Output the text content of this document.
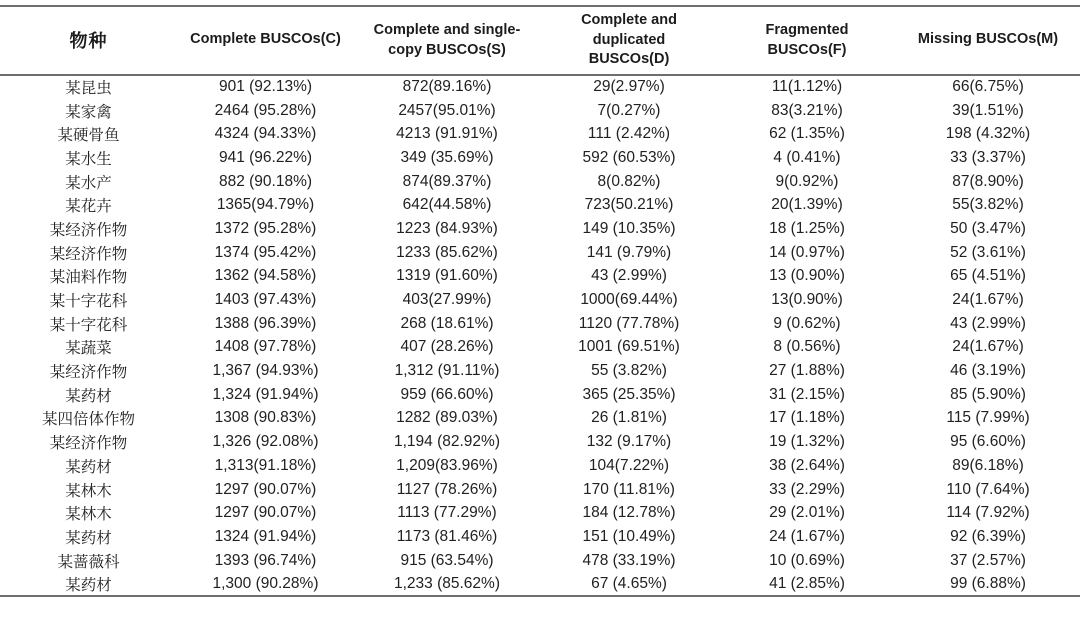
物种	Complete BUSCOs(C)	Complete and single-copy BUSCOs(S)	Complete and duplicated BUSCOs(D)	Fragmented BUSCOs(F)	Missing BUSCOs(M)
某昆虫	901 (92.13%)	872(89.16%)	29(2.97%)	11(1.12%)	66(6.75%)
某家禽	2464 (95.28%)	2457(95.01%)	7(0.27%)	83(3.21%)	39(1.51%)
某硬骨鱼	4324 (94.33%)	4213 (91.91%)	111 (2.42%)	62 (1.35%)	198 (4.32%)
某水生	941 (96.22%)	349 (35.69%)	592 (60.53%)	4 (0.41%)	33 (3.37%)
某水产	882 (90.18%)	874(89.37%)	8(0.82%)	9(0.92%)	87(8.90%)
某花卉	1365(94.79%)	642(44.58%)	723(50.21%)	20(1.39%)	55(3.82%)
某经济作物	1372 (95.28%)	1223 (84.93%)	149 (10.35%)	18 (1.25%)	50 (3.47%)
某经济作物	1374 (95.42%)	1233 (85.62%)	141 (9.79%)	14 (0.97%)	52 (3.61%)
某油料作物	1362 (94.58%)	1319 (91.60%)	43 (2.99%)	13 (0.90%)	65 (4.51%)
某十字花科	1403 (97.43%)	403(27.99%)	1000(69.44%)	13(0.90%)	24(1.67%)
某十字花科	1388 (96.39%)	268 (18.61%)	1120 (77.78%)	9 (0.62%)	43 (2.99%)
某蔬菜	1408 (97.78%)	407 (28.26%)	1001 (69.51%)	8 (0.56%)	24(1.67%)
某经济作物	1,367 (94.93%)	1,312 (91.11%)	55 (3.82%)	27 (1.88%)	46 (3.19%)
某药材	1,324 (91.94%)	959 (66.60%)	365 (25.35%)	31 (2.15%)	85 (5.90%)
某四倍体作物	1308 (90.83%)	1282 (89.03%)	26 (1.81%)	17 (1.18%)	115 (7.99%)
某经济作物	1,326 (92.08%)	1,194 (82.92%)	132 (9.17%)	19 (1.32%)	95 (6.60%)
某药材	1,313(91.18%)	1,209(83.96%)	104(7.22%)	38 (2.64%)	89(6.18%)
某林木	1297 (90.07%)	1127 (78.26%)	170 (11.81%)	33 (2.29%)	110 (7.64%)
某林木	1297 (90.07%)	1113 (77.29%)	184 (12.78%)	29 (2.01%)	114 (7.92%)
某药材	1324 (91.94%)	1173 (81.46%)	151 (10.49%)	24 (1.67%)	92 (6.39%)
某蔷薇科	1393 (96.74%)	915 (63.54%)	478 (33.19%)	10 (0.69%)	37 (2.57%)
某药材	1,300 (90.28%)	1,233 (85.62%)	67 (4.65%)	41 (2.85%)	99 (6.88%)
